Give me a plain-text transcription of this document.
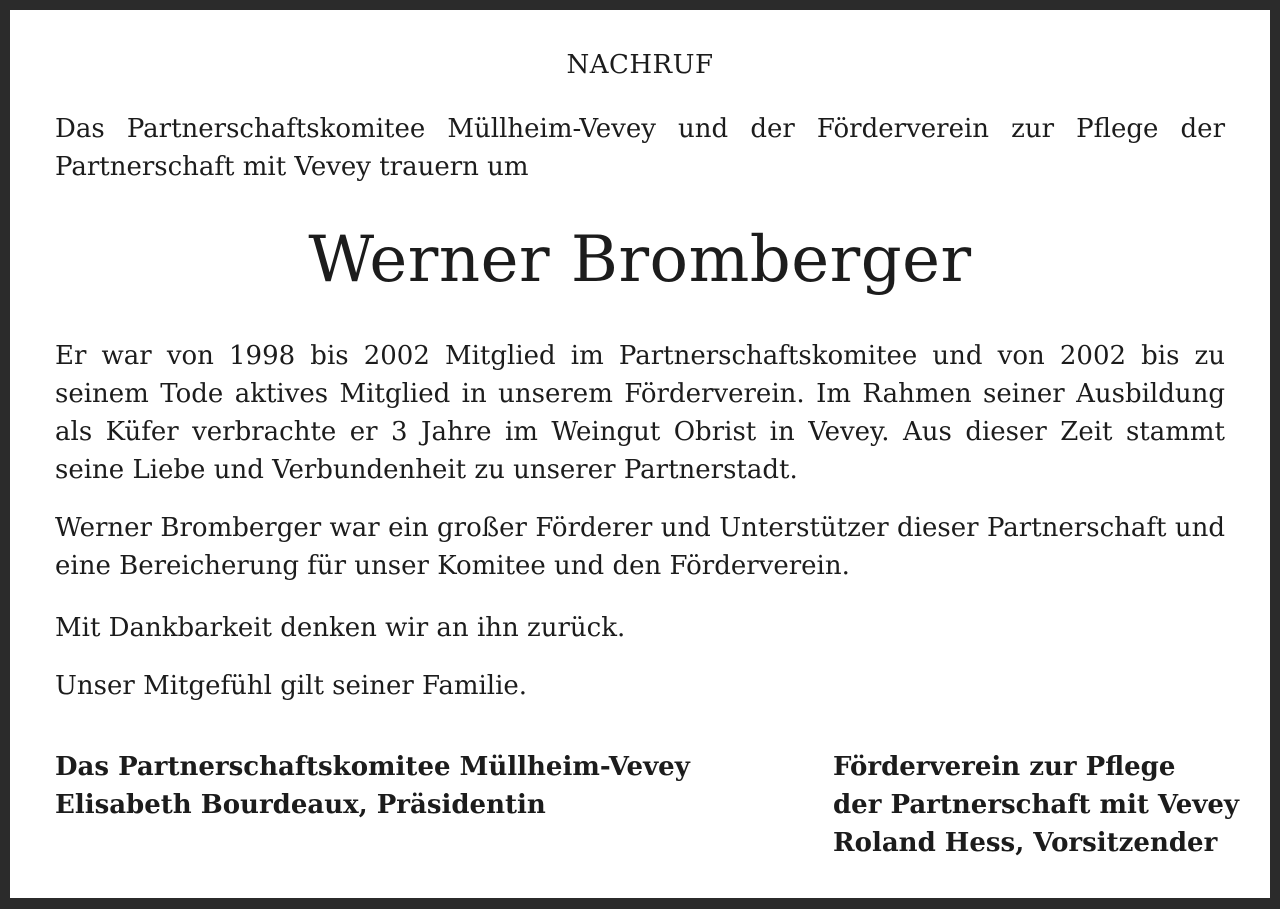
NACHRUF
Das Partnerschaftskomitee Müllheim-Vevey und der Förderverein zur Pflege der Partnerschaft mit Vevey trauern um
Werner Bromberger
Er war von 1998 bis 2002 Mitglied im Partnerschaftskomitee und von 2002 bis zu seinem Tode aktives Mitglied in unserem Förderverein. Im Rahmen seiner Ausbildung als Küfer verbrachte er 3 Jahre im Weingut Obrist in Vevey. Aus dieser Zeit stammt seine Liebe und Verbundenheit zu unserer Partnerstadt.
Werner Bromberger war ein großer Förderer und Unterstützer dieser Partnerschaft und eine Bereicherung für unser Komitee und den Förderverein.
Mit Dankbarkeit denken wir an ihn zurück.
Unser Mitgefühl gilt seiner Familie.
Das Partnerschaftskomitee Müllheim-Vevey
Elisabeth Bourdeaux, Präsidentin
Förderverein zur Pflege
der Partnerschaft mit Vevey
Roland Hess, Vorsitzender
